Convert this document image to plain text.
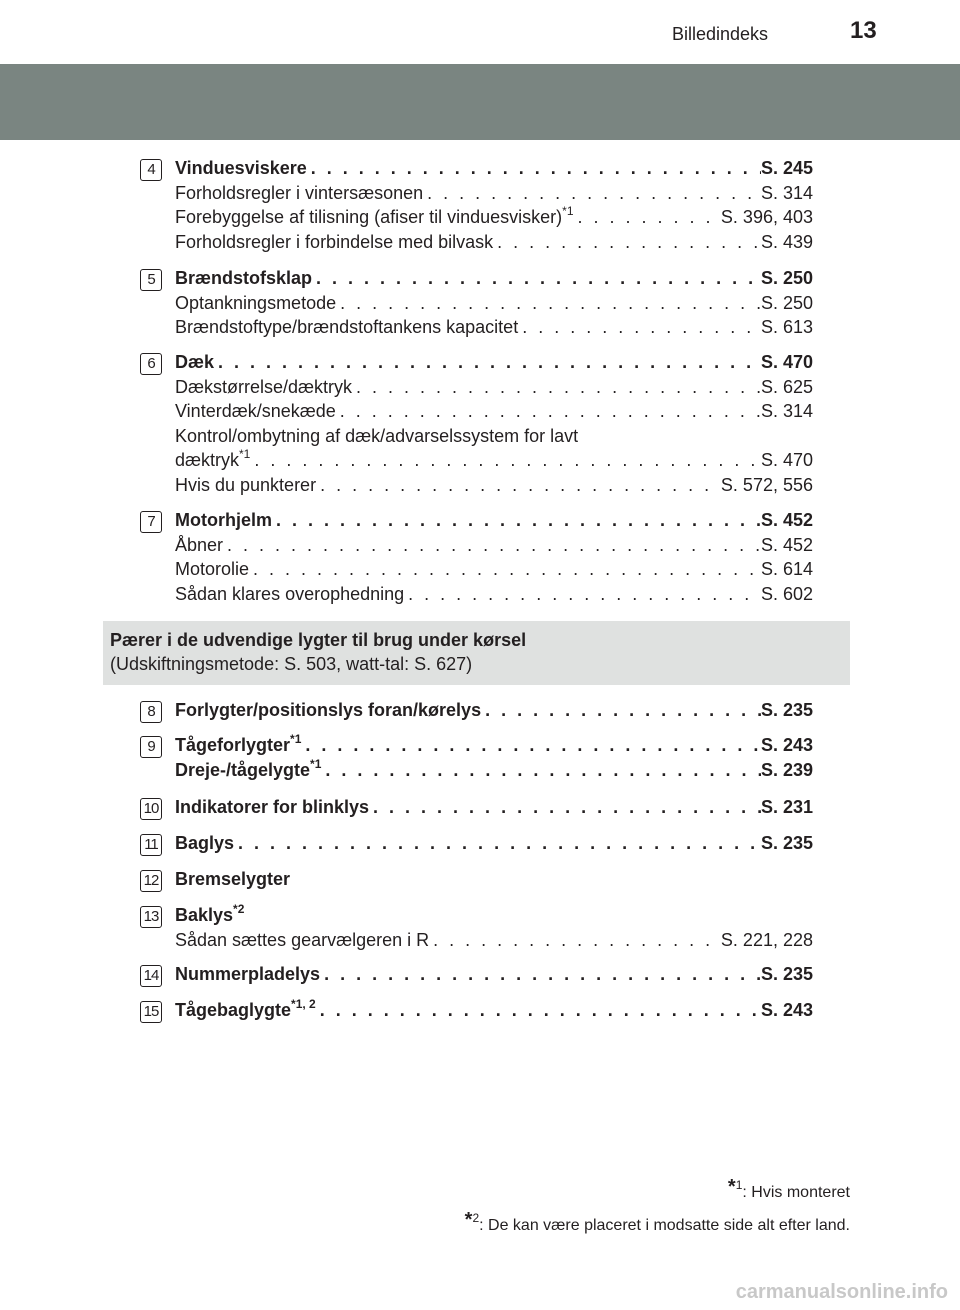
Billedindeks	13
4	Vinduesviskere . . .	S. 245
Forholdsregler i vintersæsonen . . .	S. 314
Forebyggelse af tilisning (afiser til vinduesvisker)$^{*1}$ . . .	S. 396, 403
Forholdsregler i forbindelse med bilvask . . .	S. 439
5	Brændstofsklap . . .	S. 250
Optankningsmetode . . .	S. 250
Brændstoftype/brændstoftankens kapacitet . . .	S. 613
6	Dæk . . .	S. 470
Dækstørrelse/dæktryk . . .	S. 625
Vinterdæk/snekæde . . .	S. 314
Kontrol/ombytning af dæk/advarselssystem for lavt
dæktryk$^{*1}$ . . .	S. 470
Hvis du punkterer . . .	S. 572, 556
7	Motorhjelm . . .	S. 452
Åbner . . .	S. 452
Motorolie . . .	S. 614
Sådan klares overophedning . . .	S. 602
8	Forlygter/positionslys foran/kørelys . . .	S. 235
9	Tågeforlygter$^{*1}$ . . .	S. 243
Dreje-/tågelygte$^{*1}$ . . .	S. 239
10 Indikatorer for blinklys . . .	S. 231
11 Baglys . . .	S. 235
12 Bremselygter
13 Baklys$^{*2}$
Sådan sættes gearvælgeren i R . . .	S. 221, 228
14 Nummerpladelys . . .	S. 235
15 Tågebaglygte$^{*1, 2}$ . . .	S. 243
Pærer i de udvendige lygter til brug under kørsel
(Udskiftningsmetode: S. 503, watt-tal: S. 627)
*$^1$: Hvis monteret
*$^2$: De kan være placeret i modsatte side alt efter land.
carmanualsonline.info
